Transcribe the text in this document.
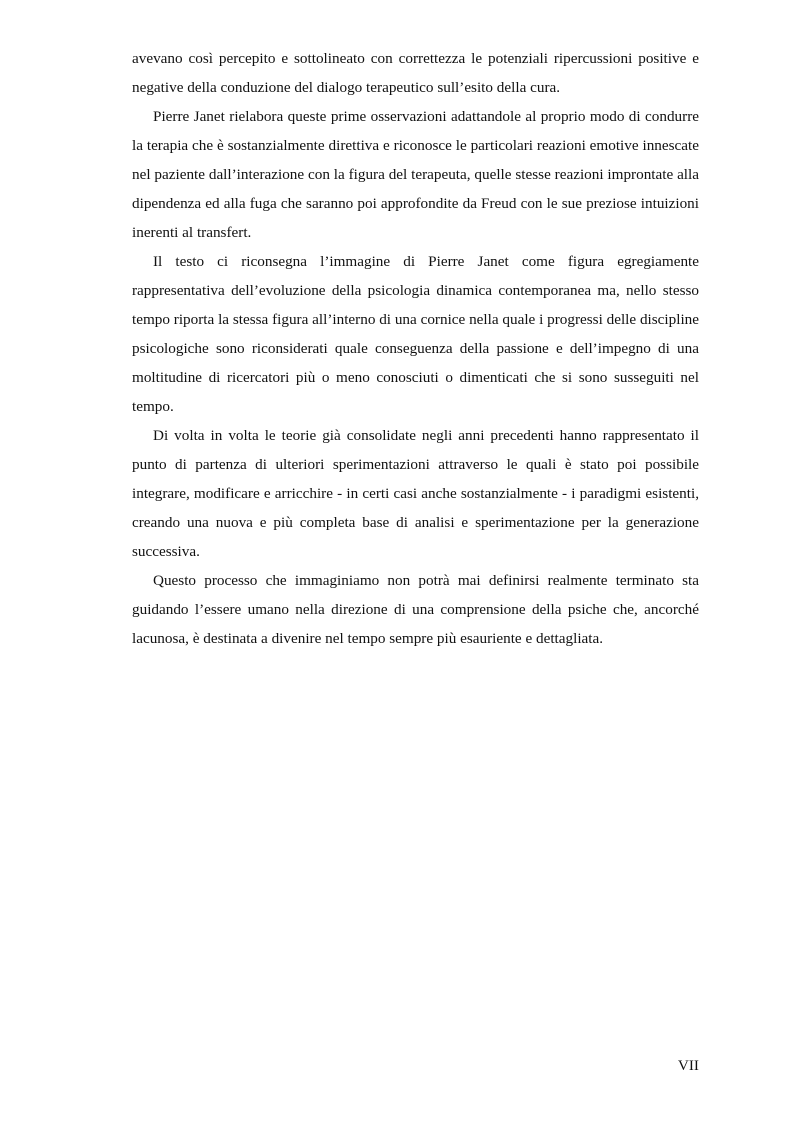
avevano così percepito e sottolineato con correttezza le potenziali ripercussioni positive e negative della conduzione del dialogo terapeutico sull’esito della cura.

Pierre Janet rielabora queste prime osservazioni adattandole al proprio modo di condurre la terapia che è sostanzialmente direttiva e riconosce le particolari reazioni emotive innescate nel paziente dall’interazione con la figura del terapeuta, quelle stesse reazioni improntate alla dipendenza ed alla fuga che saranno poi approfondite da Freud con le sue preziose intuizioni inerenti al transfert.

Il testo ci riconsegna l’immagine di Pierre Janet come figura egregiamente rappresentativa dell’evoluzione della psicologia dinamica contemporanea ma, nello stesso tempo riporta la stessa figura all’interno di una cornice nella quale i progressi delle discipline psicologiche sono riconsiderati quale conseguenza della passione e dell’impegno di una moltitudine di ricercatori più o meno conosciuti o dimenticati che si sono susseguiti nel tempo.

Di volta in volta le teorie già consolidate negli anni precedenti hanno rappresentato il punto di partenza di ulteriori sperimentazioni attraverso le quali è stato poi possibile integrare, modificare e arricchire - in certi casi anche sostanzialmente - i paradigmi esistenti, creando una nuova e più completa base di analisi e sperimentazione per la generazione successiva.

Questo processo che immaginiamo non potrà mai definirsi realmente terminato sta guidando l’essere umano nella direzione di una comprensione della psiche che, ancorché lacunosa, è destinata a divenire nel tempo sempre più esauriente e dettagliata.

VII
